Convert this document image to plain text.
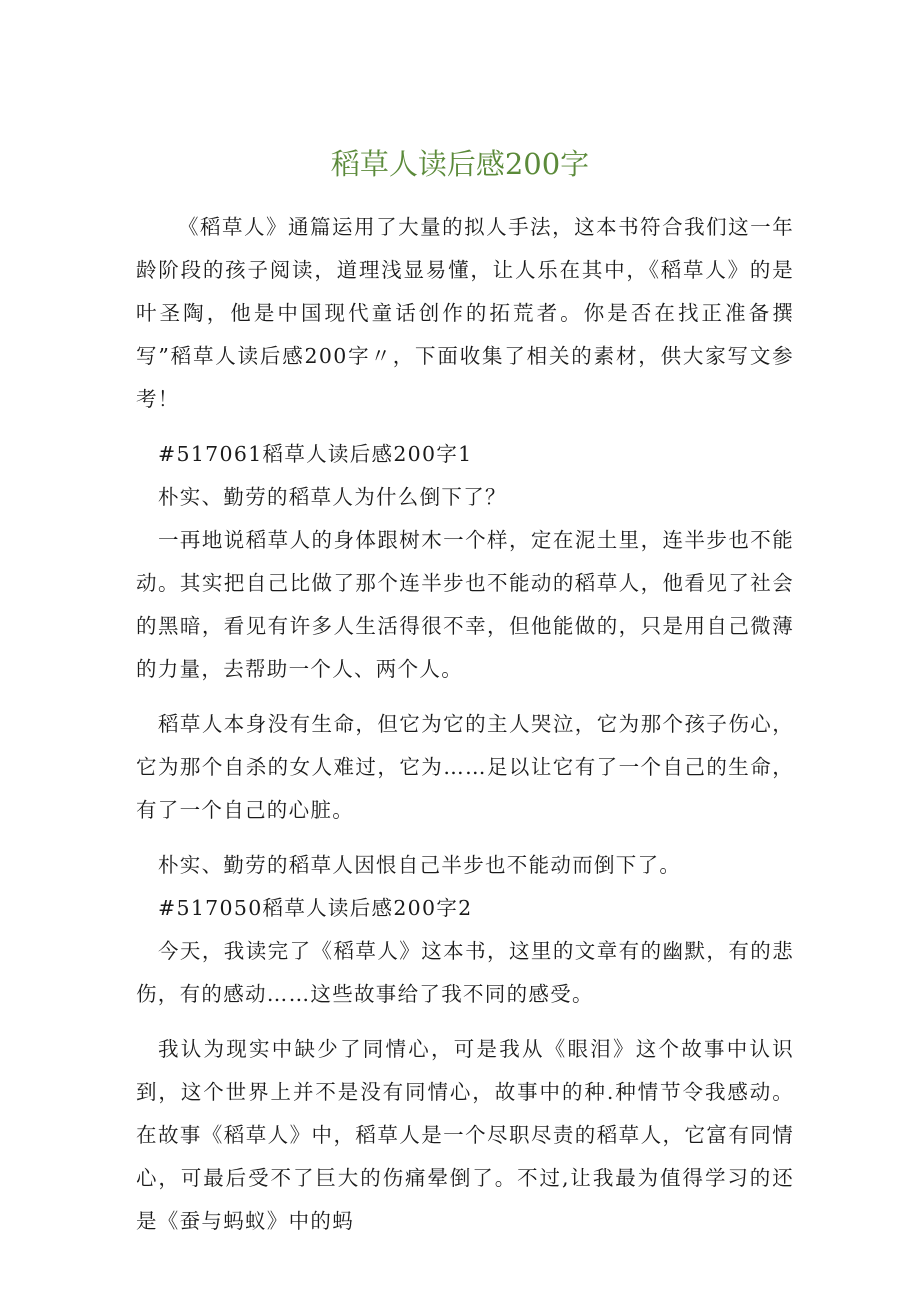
稻草人读后感200字

《稻草人》通篇运用了大量的拟人手法，这本书符合我们这一年龄阶段的孩子阅读，道理浅显易懂，让人乐在其中，《稻草人》的是叶圣陶，他是中国现代童话创作的拓荒者。你是否在找正准备撰写”稻草人读后感200字〃，下面收集了相关的素材，供大家写文参考！

#517061稻草人读后感200字1

朴实、勤劳的稻草人为什么倒下了？

一再地说稻草人的身体跟树木一个样，定在泥土里，连半步也不能动。其实把自己比做了那个连半步也不能动的稻草人，他看见了社会的黑暗，看见有许多人生活得很不幸，但他能做的，只是用自己微薄的力量，去帮助一个人、两个人。

稻草人本身没有生命，但它为它的主人哭泣，它为那个孩子伤心，它为那个自杀的女人难过，它为……足以让它有了一个自己的生命，有了一个自己的心脏。

朴实、勤劳的稻草人因恨自己半步也不能动而倒下了。

#517050稻草人读后感200字2

今天，我读完了《稻草人》这本书，这里的文章有的幽默，有的悲伤，有的感动……这些故事给了我不同的感受。

我认为现实中缺少了同情心，可是我从《眼泪》这个故事中认识到，这个世界上并不是没有同情心，故事中的种.种情节令我感动。在故事《稻草人》中，稻草人是一个尽职尽责的稻草人，它富有同情心，可最后受不了巨大的伤痛晕倒了。不过,让我最为值得学习的还是《蚕与蚂蚁》中的蚂
